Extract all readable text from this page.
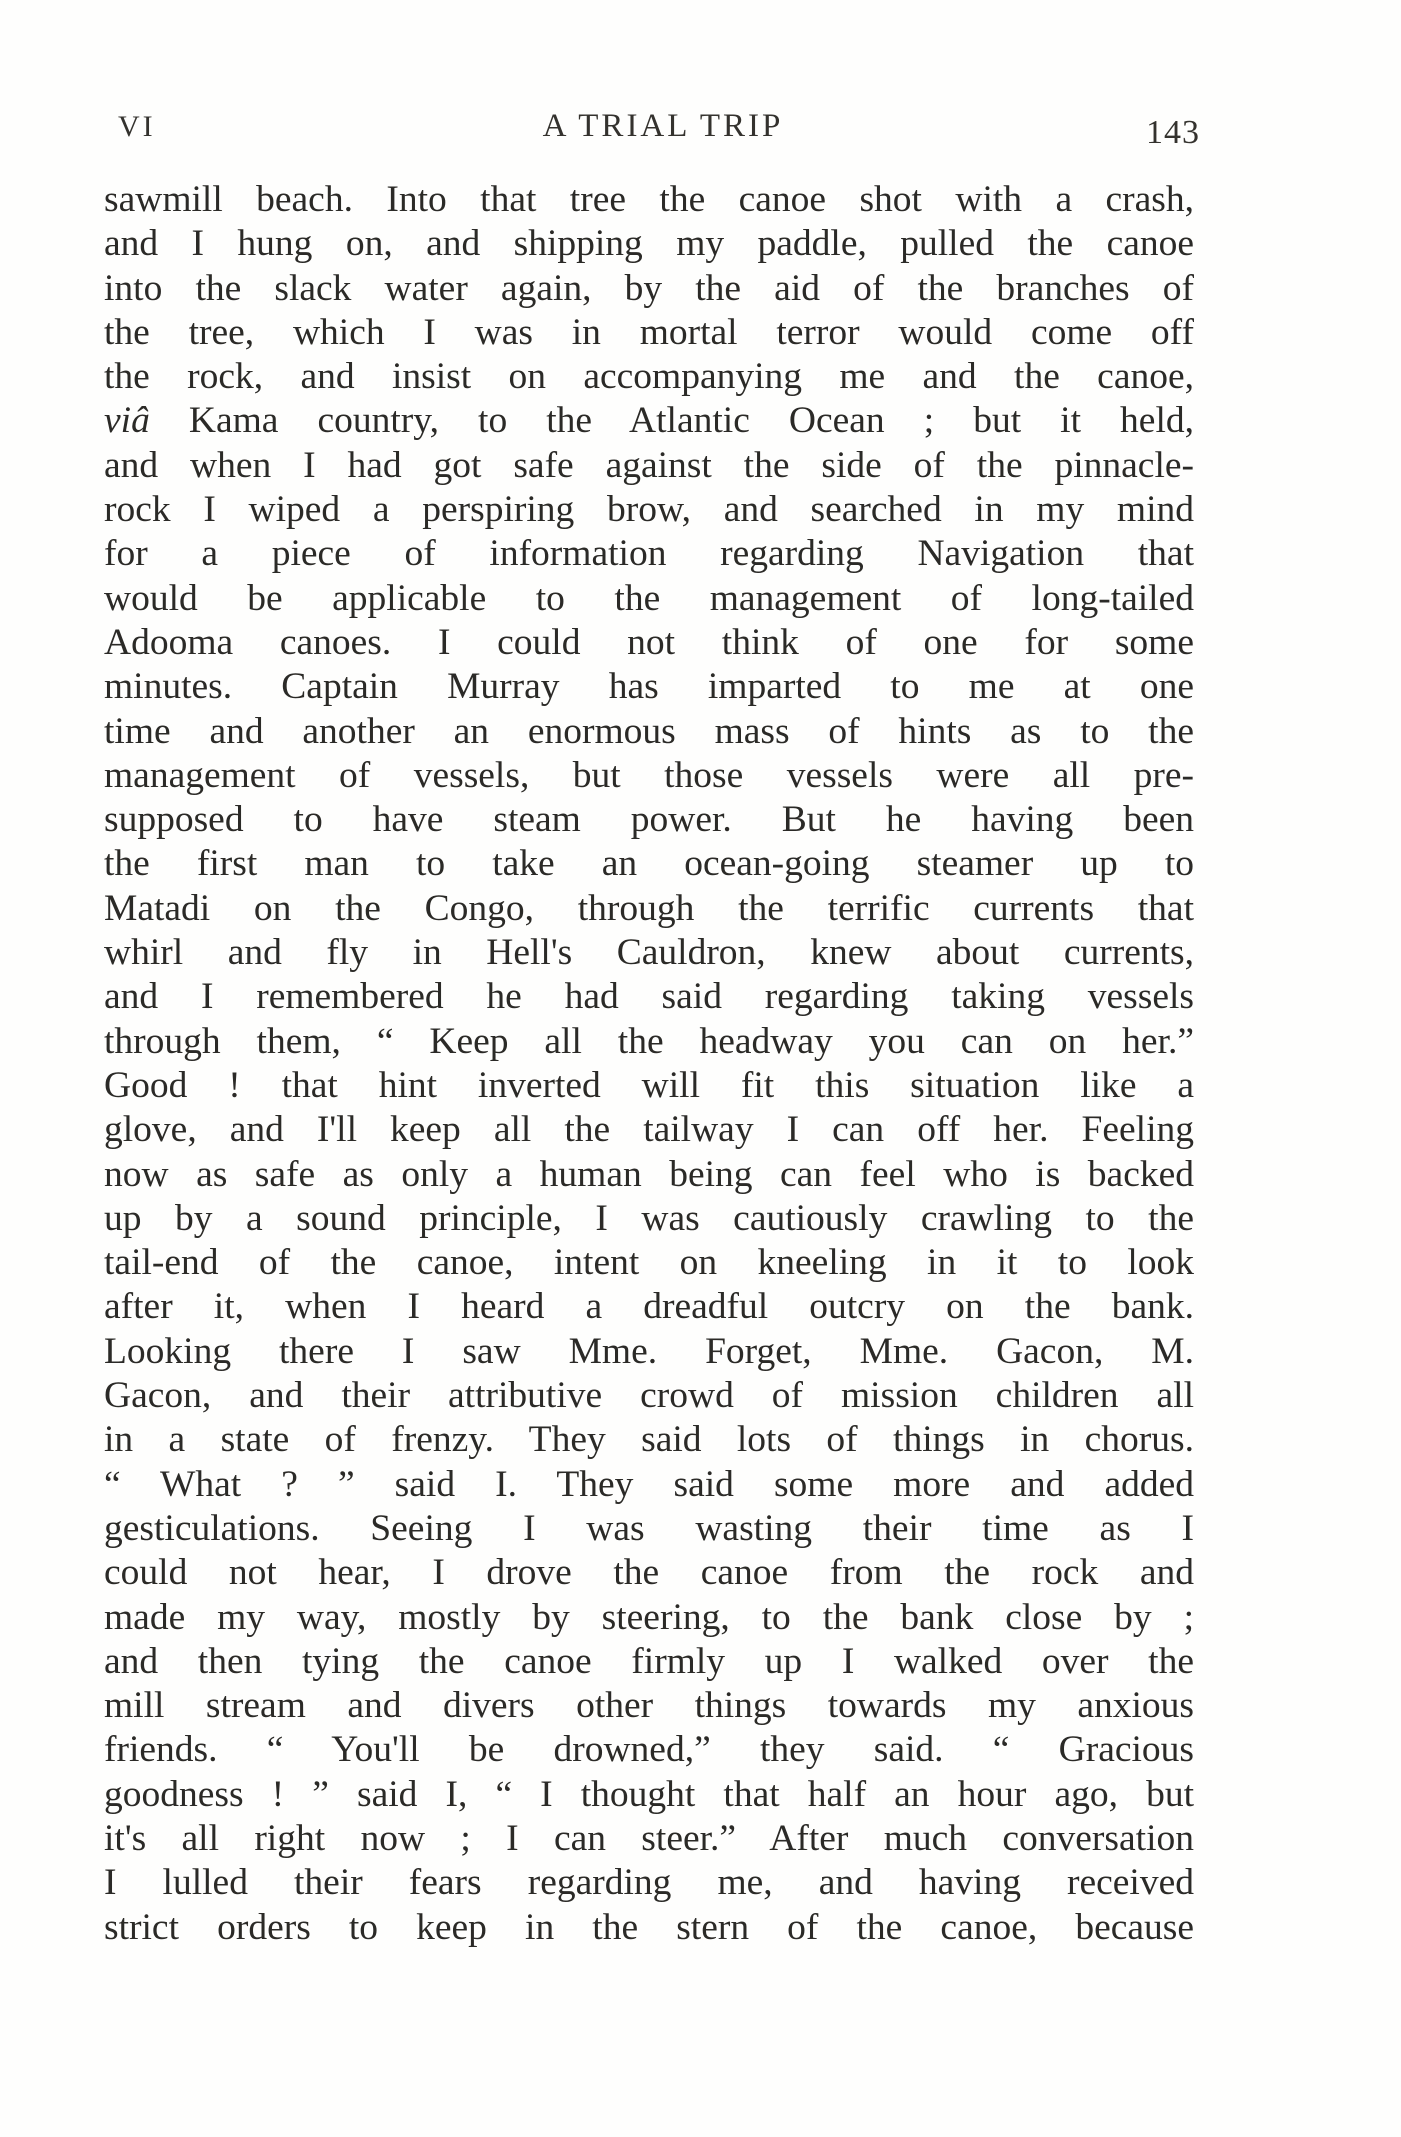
VI	A TRIAL TRIP	143
sawmill beach. Into that tree the canoe shot with a crash,
and I hung on, and shipping my paddle, pulled the canoe
into the slack water again, by the aid of the branches of
the tree, which I was in mortal terror would come off
the rock, and insist on accompanying me and the canoe,
viâ Kama country, to the Atlantic Ocean ; but it held,
and when I had got safe against the side of the pinnacle-
rock I wiped a perspiring brow, and searched in my mind
for a piece of information regarding Navigation that
would be applicable to the management of long-tailed
Adooma canoes. I could not think of one for some
minutes. Captain Murray has imparted to me at one
time and another an enormous mass of hints as to the
management of vessels, but those vessels were all pre-
supposed to have steam power. But he having been
the first man to take an ocean-going steamer up to
Matadi on the Congo, through the terrific currents that
whirl and fly in Hell's Cauldron, knew about currents,
and I remembered he had said regarding taking vessels
through them, “ Keep all the headway you can on her.”
Good ! that hint inverted will fit this situation like a
glove, and I'll keep all the tailway I can off her. Feeling
now as safe as only a human being can feel who is backed
up by a sound principle, I was cautiously crawling to the
tail-end of the canoe, intent on kneeling in it to look
after it, when I heard a dreadful outcry on the bank.
Looking there I saw Mme. Forget, Mme. Gacon, M.
Gacon, and their attributive crowd of mission children all
in a state of frenzy. They said lots of things in chorus.
“ What ? ” said I. They said some more and added
gesticulations. Seeing I was wasting their time as I
could not hear, I drove the canoe from the rock and
made my way, mostly by steering, to the bank close by ;
and then tying the canoe firmly up I walked over the
mill stream and divers other things towards my anxious
friends. “ You'll be drowned,” they said. “ Gracious
goodness ! ” said I, “ I thought that half an hour ago, but
it's all right now ; I can steer.” After much conversation
I lulled their fears regarding me, and having received
strict orders to keep in the stern of the canoe, because
